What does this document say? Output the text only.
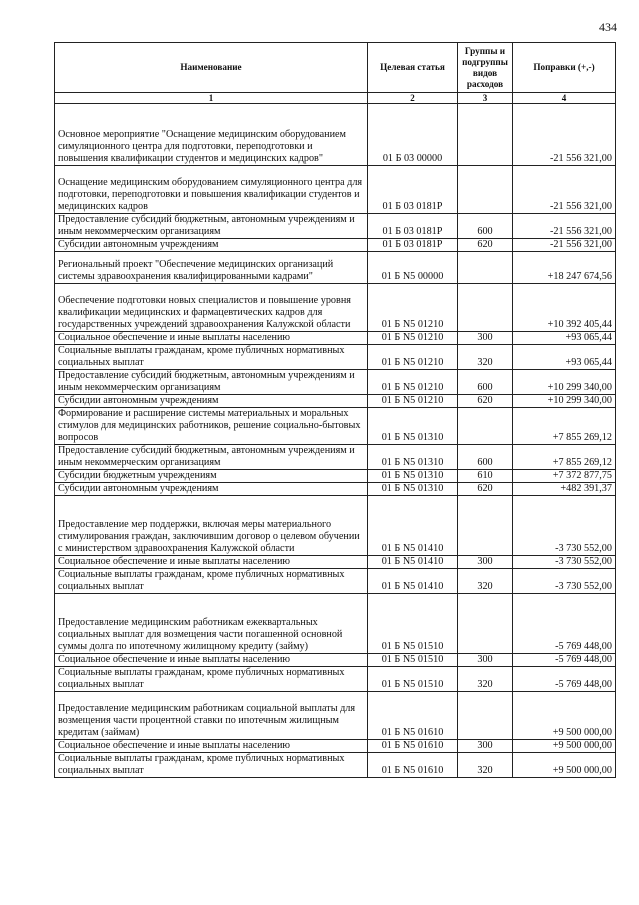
434
Наименование	Целевая статья	Группы и подгруппы видов расходов	Поправки (+,-)
1	2	3	4
Основное мероприятие "Оснащение медицинским оборудованием симуляционного центра для подготовки, переподготовки и повышения квалификации студентов и медицинских кадров"	01 Б 03 00000		-21 556 321,00
Оснащение медицинским оборудованием симуляционного центра для подготовки, переподготовки и повышения квалификации студентов и медицинских кадров	01 Б 03 0181P		-21 556 321,00
Предоставление субсидий бюджетным, автономным учреждениям и иным некоммерческим организациям	01 Б 03 0181P	600	-21 556 321,00
Субсидии автономным учреждениям	01 Б 03 0181P	620	-21 556 321,00
Региональный проект "Обеспечение медицинских организаций системы здравоохранения квалифицированными кадрами"	01 Б N5 00000		+18 247 674,56
Обеспечение подготовки новых специалистов и повышение уровня квалификации медицинских и фармацевтических кадров для государственных учреждений здравоохранения Калужской области	01 Б N5 01210		+10 392 405,44
Социальное обеспечение и иные выплаты населению	01 Б N5 01210	300	+93 065,44
Социальные выплаты гражданам, кроме публичных нормативных социальных выплат	01 Б N5 01210	320	+93 065,44
Предоставление субсидий бюджетным, автономным учреждениям и иным некоммерческим организациям	01 Б N5 01210	600	+10 299 340,00
Субсидии автономным учреждениям	01 Б N5 01210	620	+10 299 340,00
Формирование и расширение системы материальных и моральных стимулов для медицинских работников, решение социально-бытовых вопросов	01 Б N5 01310		+7 855 269,12
Предоставление субсидий бюджетным, автономным учреждениям и иным некоммерческим организациям	01 Б N5 01310	600	+7 855 269,12
Субсидии бюджетным учреждениям	01 Б N5 01310	610	+7 372 877,75
Субсидии автономным учреждениям	01 Б N5 01310	620	+482 391,37
Предоставление мер поддержки, включая меры материального стимулирования граждан, заключившим договор о целевом обучении с министерством здравоохранения Калужской области	01 Б N5 01410		-3 730 552,00
Социальное обеспечение и иные выплаты населению	01 Б N5 01410	300	-3 730 552,00
Социальные выплаты гражданам, кроме публичных нормативных социальных выплат	01 Б N5 01410	320	-3 730 552,00
Предоставление медицинским работникам ежеквартальных социальных выплат для возмещения части погашенной основной суммы долга по ипотечному жилищному кредиту (займу)	01 Б N5 01510		-5 769 448,00
Социальное обеспечение и иные выплаты населению	01 Б N5 01510	300	-5 769 448,00
Социальные выплаты гражданам, кроме публичных нормативных социальных выплат	01 Б N5 01510	320	-5 769 448,00
Предоставление медицинским работникам социальной выплаты для возмещения части процентной ставки по ипотечным жилищным кредитам (займам)	01 Б N5 01610		+9 500 000,00
Социальное обеспечение и иные выплаты населению	01 Б N5 01610	300	+9 500 000,00
Социальные выплаты гражданам, кроме публичных нормативных социальных выплат	01 Б N5 01610	320	+9 500 000,00
